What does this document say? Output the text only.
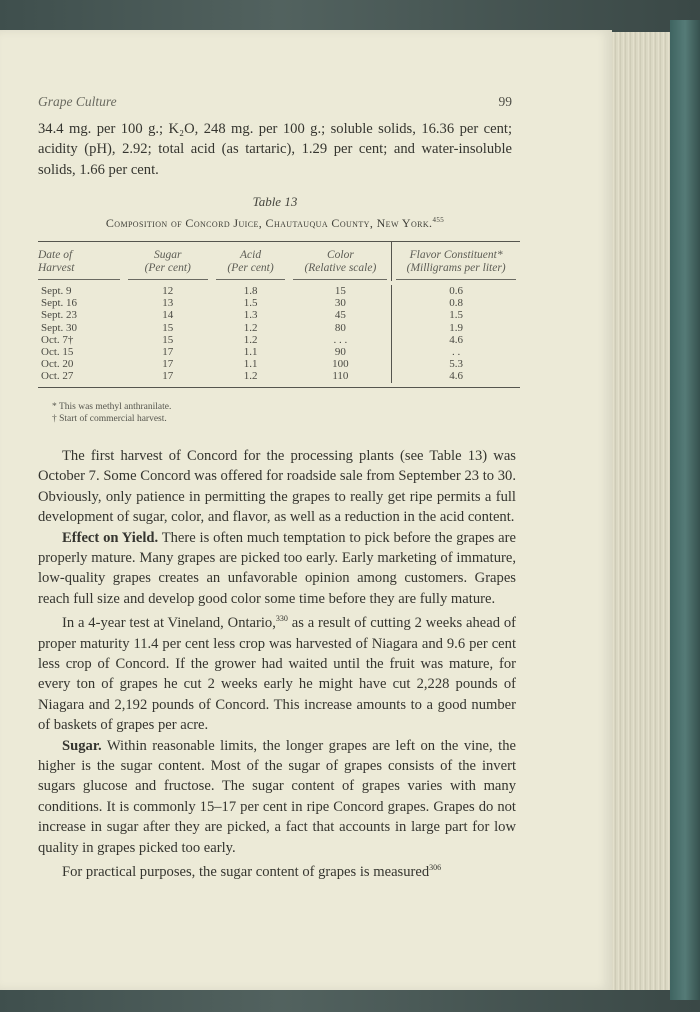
Grape Culture	99

34.4 mg. per 100 g.; K₂O, 248 mg. per 100 g.; soluble solids, 16.36 per cent; acidity (pH), 2.92; total acid (as tartaric), 1.29 per cent; and water-insoluble solids, 1.66 per cent.

Table 13
Composition of Concord Juice, Chautauqua County, New York.$^{455}$
Date of
Harvest
Sugar
(Per cent)
Acid
(Per cent)
Color
(Relative scale)
Flavor Constituent*
(Milligrams per liter)
Sept. 9
Sept. 16
Sept. 23
Sept. 30
Oct. 7†
Oct. 15
Oct. 20
Oct. 27
12
13
14
15
15
17
17
17
1.8
1.5
1.3
1.2
1.2
1.1
1.1
1.2
15
30
45
80
. . .
90
100
110
0.6
0.8
1.5
1.9
4.6
. .
5.3
4.6
* This was methyl anthranilate.
† Start of commercial harvest.

The first harvest of Concord for the processing plants (see Table 13) was October 7. Some Concord was offered for roadside sale from September 23 to 30. Obviously, only patience in permitting the grapes to really get ripe permits a full development of sugar, color, and flavor, as well as a reduction in the acid content.

Effect on Yield. There is often much temptation to pick before the grapes are properly mature. Many grapes are picked too early. Early marketing of immature, low-quality grapes creates an unfavorable opinion among customers. Grapes reach full size and develop good color some time before they are fully mature.

In a 4-year test at Vineland, Ontario,$^{330}$ as a result of cutting 2 weeks ahead of proper maturity 11.4 per cent less crop was harvested of Niagara and 9.6 per cent less crop of Concord. If the grower had waited until the fruit was mature, for every ton of grapes he cut 2 weeks early he might have cut 2,228 pounds of Niagara and 2,192 pounds of Concord. This increase amounts to a good number of baskets of grapes per acre.

Sugar. Within reasonable limits, the longer grapes are left on the vine, the higher is the sugar content. Most of the sugar of grapes consists of the invert sugars glucose and fructose. The sugar content of grapes varies with many conditions. It is commonly 15–17 per cent in ripe Concord grapes. Grapes do not increase in sugar after they are picked, a fact that accounts in large part for low quality in grapes picked too early.

For practical purposes, the sugar content of grapes is measured$^{306}$
